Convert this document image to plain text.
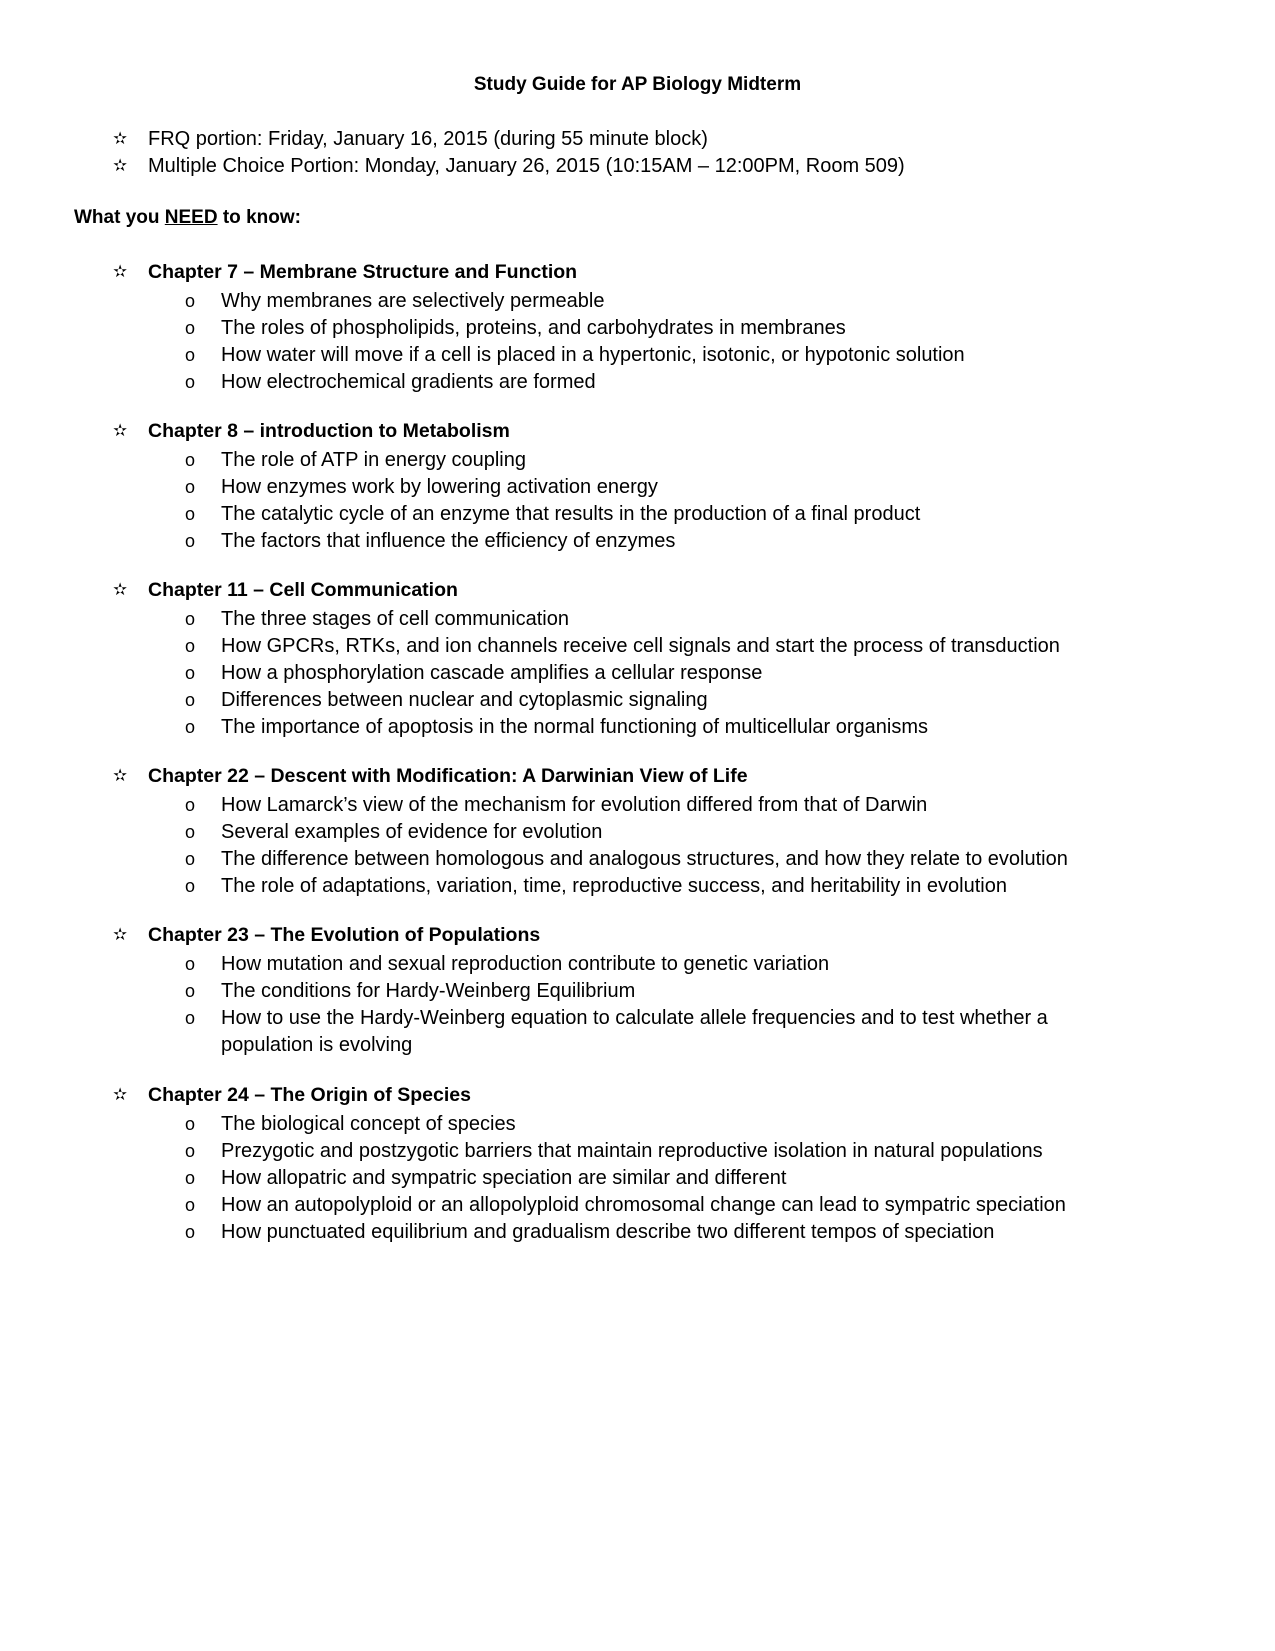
Study Guide for AP Biology Midterm
✫ FRQ portion: Friday, January 16, 2015 (during 55 minute block)
✫ Multiple Choice Portion: Monday, January 26, 2015 (10:15AM – 12:00PM, Room 509)
What you NEED to know:
✫ Chapter 7 – Membrane Structure and Function
o Why membranes are selectively permeable
o The roles of phospholipids, proteins, and carbohydrates in membranes
o How water will move if a cell is placed in a hypertonic, isotonic, or hypotonic solution
o How electrochemical gradients are formed
✫ Chapter 8 – introduction to Metabolism
o The role of ATP in energy coupling
o How enzymes work by lowering activation energy
o The catalytic cycle of an enzyme that results in the production of a final product
o The factors that influence the efficiency of enzymes
✫ Chapter 11 – Cell Communication
o The three stages of cell communication
o How GPCRs, RTKs, and ion channels receive cell signals and start the process of transduction
o How a phosphorylation cascade amplifies a cellular response
o Differences between nuclear and cytoplasmic signaling
o The importance of apoptosis in the normal functioning of multicellular organisms
✫ Chapter 22 – Descent with Modification: A Darwinian View of Life
o How Lamarck’s view of the mechanism for evolution differed from that of Darwin
o Several examples of evidence for evolution
o The difference between homologous and analogous structures, and how they relate to evolution
o The role of adaptations, variation, time, reproductive success, and heritability in evolution
✫ Chapter 23 – The Evolution of Populations
o How mutation and sexual reproduction contribute to genetic variation
o The conditions for Hardy-Weinberg Equilibrium
o How to use the Hardy-Weinberg equation to calculate allele frequencies and to test whether a population is evolving
✫ Chapter 24 – The Origin of Species
o The biological concept of species
o Prezygotic and postzygotic barriers that maintain reproductive isolation in natural populations
o How allopatric and sympatric speciation are similar and different
o How an autopolyploid or an allopolyploid chromosomal change can lead to sympatric speciation
o How punctuated equilibrium and gradualism describe two different tempos of speciation
